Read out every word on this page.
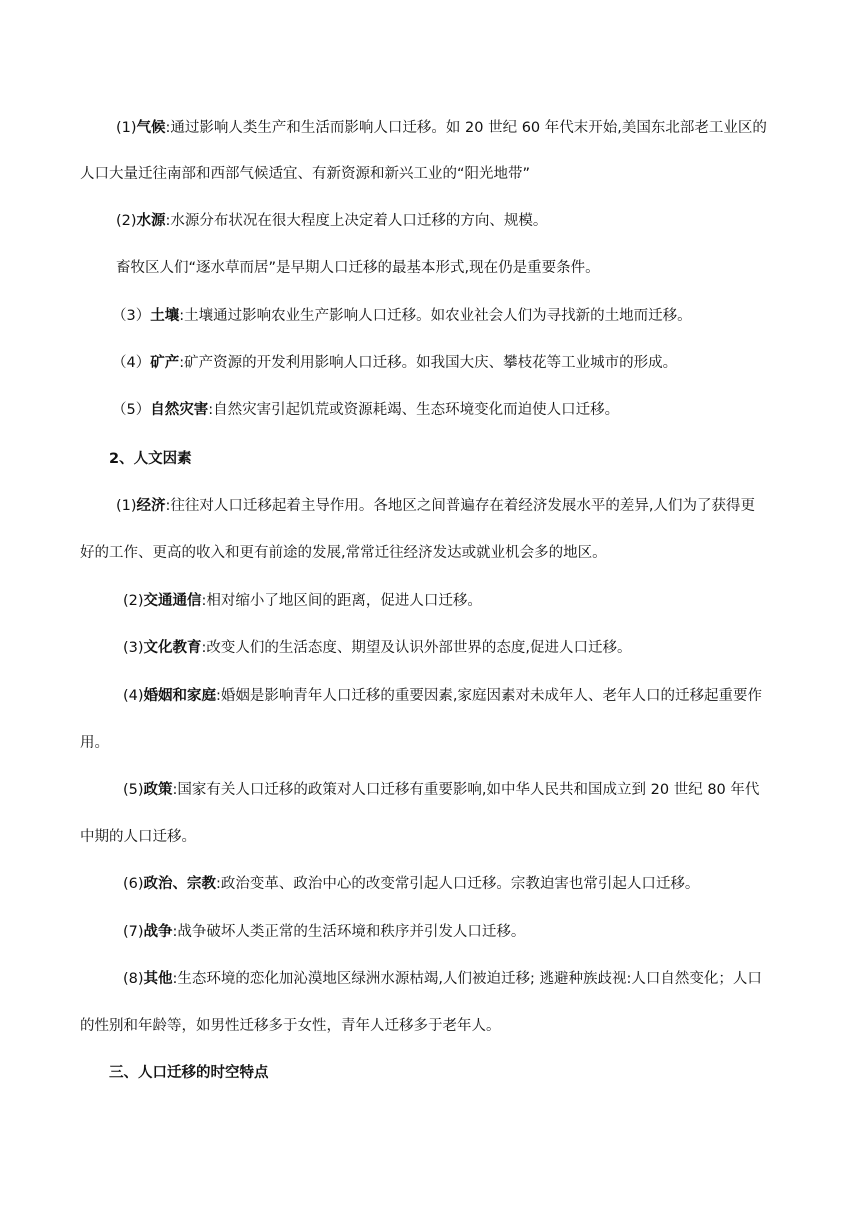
(1)气候:通过影响人类生产和生活而影响人口迁移。如 20 世纪 60 年代末开始,美国东北部老工业区的
人口大量迁往南部和西部气候适宜、有新资源和新兴工业的“阳光地带”
(2)水源:水源分布状况在很大程度上决定着人口迁移的方向、规模。
畜牧区人们“逐水草而居”是早期人口迁移的最基本形式,现在仍是重要条件。
（3）土壤:土壤通过影响农业生产影响人口迁移。如农业社会人们为寻找新的土地而迁移。
（4）矿产:矿产资源的开发利用影响人口迁移。如我国大庆、攀枝花等工业城市的形成。
（5）自然灾害:自然灾害引起饥荒或资源耗竭、生态环境变化而迫使人口迁移。
2、人文因素
(1)经济:往往对人口迁移起着主导作用。各地区之间普遍存在着经济发展水平的差异,人们为了获得更
好的工作、更高的收入和更有前途的发展,常常迁往经济发达或就业机会多的地区。
(2)交通通信:相对缩小了地区间的距离，促进人口迁移。
(3)文化教育:改变人们的生活态度、期望及认识外部世界的态度,促进人口迁移。
(4)婚姻和家庭:婚姻是影响青年人口迁移的重要因素,家庭因素对未成年人、老年人口的迁移起重要作
用。
(5)政策:国家有关人口迁移的政策对人口迁移有重要影响,如中华人民共和国成立到 20 世纪 80 年代
中期的人口迁移。
(6)政治、宗教:政治变革、政治中心的改变常引起人口迁移。宗教迫害也常引起人口迁移。
(7)战争:战争破坏人类正常的生活环境和秩序并引发人口迁移。
(8)其他:生态环境的恋化加沁漠地区绿洲水源枯竭,人们被迫迁移; 逃避种族歧视:人口自然变化；人口
的性别和年龄等，如男性迁移多于女性，青年人迁移多于老年人。
三、人口迁移的时空特点
